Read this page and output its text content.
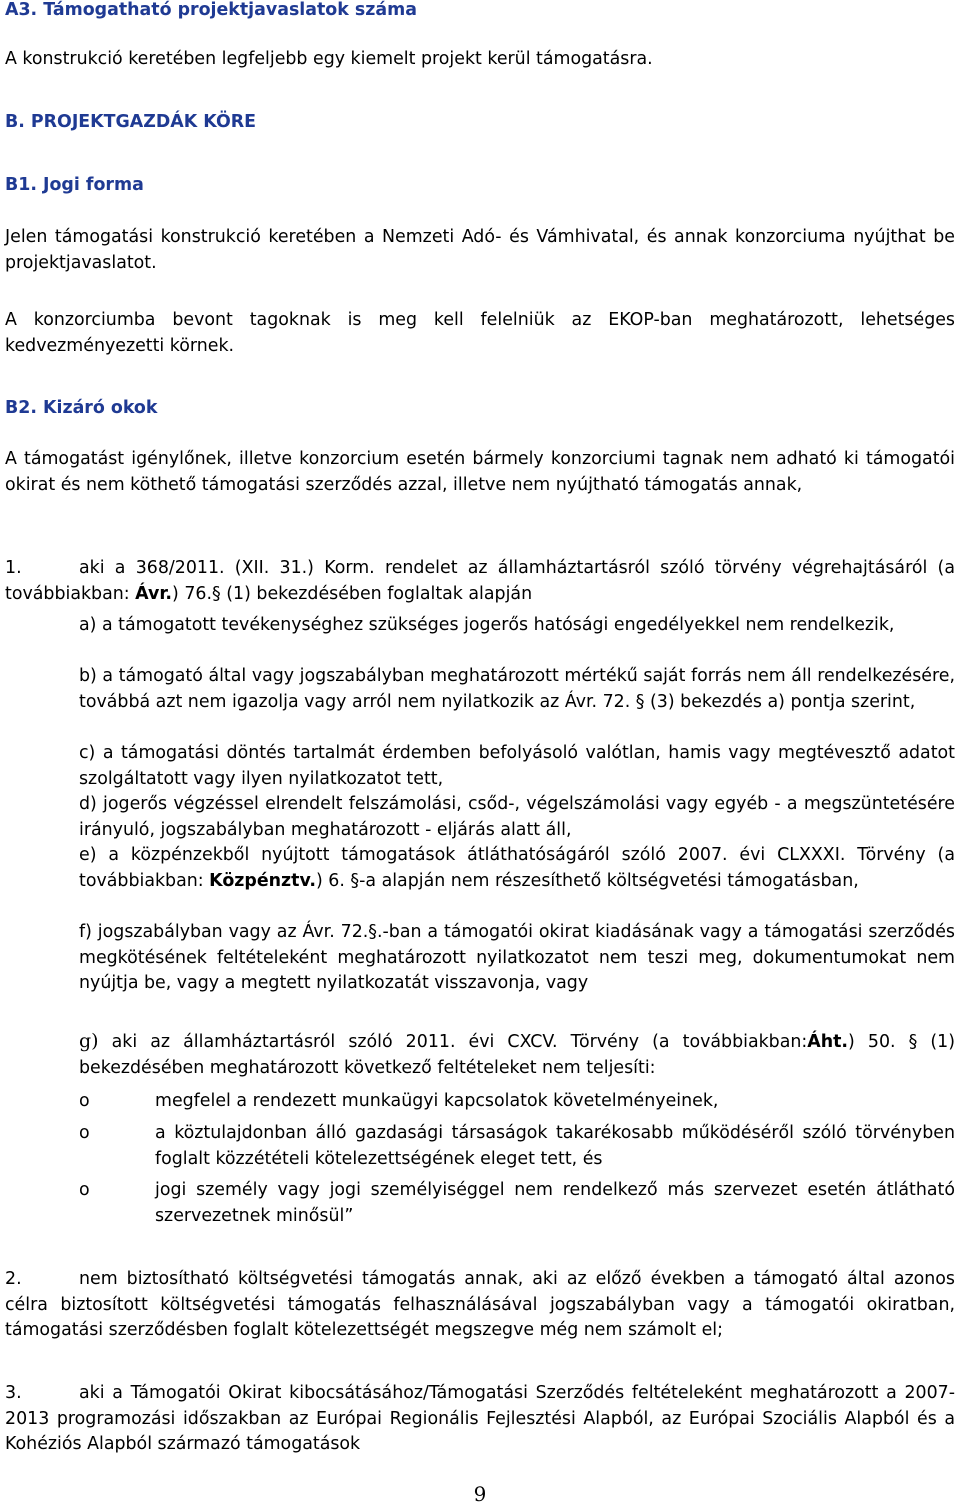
A3. Támogatható projektjavaslatok száma

A konstrukció keretében legfeljebb egy kiemelt projekt kerül támogatásra.

B. PROJEKTGAZDÁK KÖRE

B1. Jogi forma

Jelen támogatási konstrukció keretében a Nemzeti Adó- és Vámhivatal, és annak konzorciuma nyújthat be projektjavaslatot.

A konzorciumba bevont tagoknak is meg kell felelniük az EKOP-ban meghatározott, lehetséges kedvezményezetti körnek.

B2. Kizáró okok

A támogatást igénylőnek, illetve konzorcium esetén bármely konzorciumi tagnak nem adható ki támogatói okirat és nem köthető támogatási szerződés azzal, illetve nem nyújtható támogatás annak,

1.	aki a 368/2011. (XII. 31.) Korm. rendelet az államháztartásról szóló törvény végrehajtásáról (a továbbiakban: Ávr.) 76.§ (1) bekezdésében foglaltak alapján

a) a támogatott tevékenységhez szükséges jogerős hatósági engedélyekkel nem rendelkezik,

b) a támogató által vagy jogszabályban meghatározott mértékű saját forrás nem áll rendelkezésére, továbbá azt nem igazolja vagy arról nem nyilatkozik az Ávr. 72. § (3) bekezdés a) pontja szerint,

c) a támogatási döntés tartalmát érdemben befolyásoló valótlan, hamis vagy megtévesztő adatot szolgáltatott vagy ilyen nyilatkozatot tett,

d) jogerős végzéssel elrendelt felszámolási, csőd-, végelszámolási vagy egyéb - a megszüntetésére irányuló, jogszabályban meghatározott - eljárás alatt áll,

e) a közpénzekből nyújtott támogatások átláthatóságáról szóló 2007. évi CLXXXI. Törvény (a továbbiakban: Közpénztv.) 6. §-a alapján nem részesíthető költségvetési támogatásban,

f) jogszabályban vagy az Ávr. 72.§.-ban a támogatói okirat kiadásának vagy a támogatási szerződés megkötésének feltételeként meghatározott nyilatkozatot nem teszi meg, dokumentumokat nem nyújtja be, vagy a megtett nyilatkozatát visszavonja, vagy

g) aki az államháztartásról szóló 2011. évi CXCV. Törvény (a továbbiakban:Áht.) 50. § (1) bekezdésében meghatározott következő feltételeket nem teljesíti:

o	megfelel a rendezett munkaügyi kapcsolatok követelményeinek,

o	a köztulajdonban álló gazdasági társaságok takarékosabb működéséről szóló törvényben foglalt közzétételi kötelezettségének eleget tett, és

o	jogi személy vagy jogi személyiséggel nem rendelkező más szervezet esetén átlátható szervezetnek minősül”

2.	nem biztosítható költségvetési támogatás annak, aki az előző években a támogató által azonos célra biztosított költségvetési támogatás felhasználásával jogszabályban vagy a támogatói okiratban, támogatási szerződésben foglalt kötelezettségét megszegve még nem számolt el;

3.	aki a Támogatói Okirat kibocsátásához/Támogatási Szerződés feltételeként meghatározott a 2007-2013 programozási időszakban az Európai Regionális Fejlesztési Alapból, az Európai Szociális Alapból és a Kohéziós Alapból származó támogatások

9
